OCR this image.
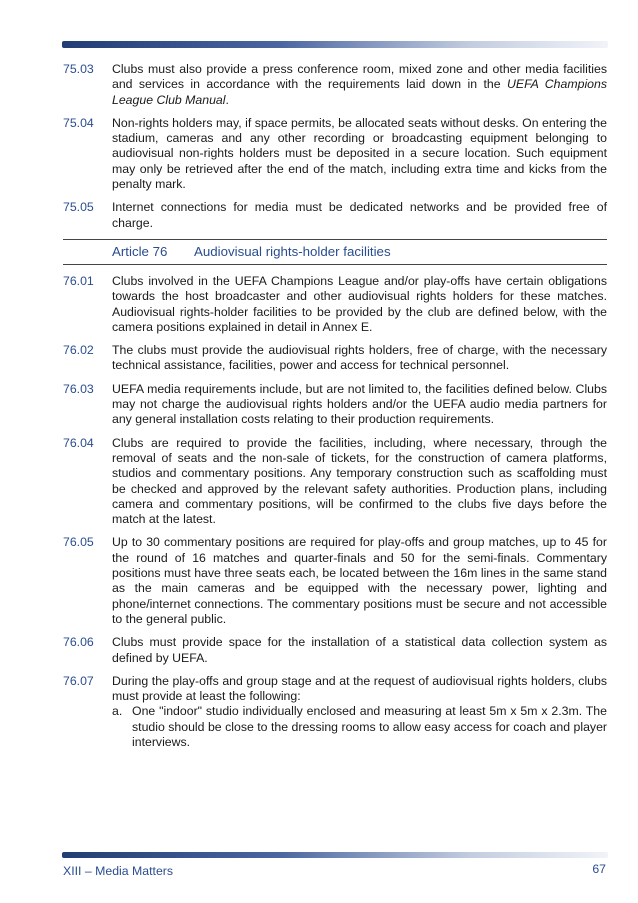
75.03	Clubs must also provide a press conference room, mixed zone and other media facilities and services in accordance with the requirements laid down in the UEFA Champions League Club Manual.
75.04	Non-rights holders may, if space permits, be allocated seats without desks. On entering the stadium, cameras and any other recording or broadcasting equipment belonging to audiovisual non-rights holders must be deposited in a secure location. Such equipment may only be retrieved after the end of the match, including extra time and kicks from the penalty mark.
75.05	Internet connections for media must be dedicated networks and be provided free of charge.
Article 76	Audiovisual rights-holder facilities
76.01	Clubs involved in the UEFA Champions League and/or play-offs have certain obligations towards the host broadcaster and other audiovisual rights holders for these matches. Audiovisual rights-holder facilities to be provided by the club are defined below, with the camera positions explained in detail in Annex E.
76.02	The clubs must provide the audiovisual rights holders, free of charge, with the necessary technical assistance, facilities, power and access for technical personnel.
76.03	UEFA media requirements include, but are not limited to, the facilities defined below. Clubs may not charge the audiovisual rights holders and/or the UEFA audio media partners for any general installation costs relating to their production requirements.
76.04	Clubs are required to provide the facilities, including, where necessary, through the removal of seats and the non-sale of tickets, for the construction of camera platforms, studios and commentary positions. Any temporary construction such as scaffolding must be checked and approved by the relevant safety authorities. Production plans, including camera and commentary positions, will be confirmed to the clubs five days before the match at the latest.
76.05	Up to 30 commentary positions are required for play-offs and group matches, up to 45 for the round of 16 matches and quarter-finals and 50 for the semi-finals. Commentary positions must have three seats each, be located between the 16m lines in the same stand as the main cameras and be equipped with the necessary power, lighting and phone/internet connections. The commentary positions must be secure and not accessible to the general public.
76.06	Clubs must provide space for the installation of a statistical data collection system as defined by UEFA.
76.07	During the play-offs and group stage and at the request of audiovisual rights holders, clubs must provide at least the following:
a. One "indoor" studio individually enclosed and measuring at least 5m x 5m x 2.3m. The studio should be close to the dressing rooms to allow easy access for coach and player interviews.
XIII – Media Matters	67
